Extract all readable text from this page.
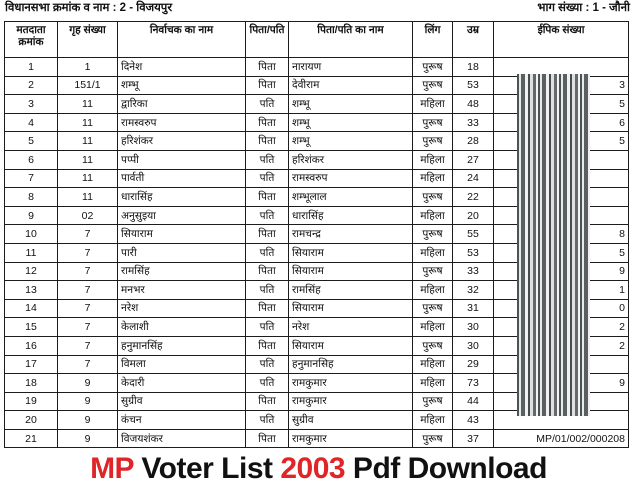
विधानसभा क्रमांक व नाम : 2 - विजयपुर	भाग संख्या : 1 - जौनी
मतदाता क्रमांक	गृह संख्या	निर्वाचक का नाम	पिता/पति	पिता/पति का नाम	लिंग	उम्र	ईपिक संख्या
1	1	दिनेश	पिता	नारायण	पुरूष	18	
2	151/1	शम्भू	पिता	देवीराम	पुरूष	53	3
3	11	द्वारिका	पति	शम्भू	महिला	48	5
4	11	रामस्वरुप	पिता	शम्भू	पुरूष	33	6
5	11	हरिशंकर	पिता	शम्भू	पुरूष	28	5
6	11	पप्पी	पति	हरिशंकर	महिला	27	
7	11	पार्वती	पति	रामस्वरुप	महिला	24	
8	11	धारासिंह	पिता	शम्भूलाल	पुरूष	22	
9	02	अनुसुइया	पति	धारासिंह	महिला	20	
10	7	सियाराम	पिता	रामचन्द्र	पुरूष	55	8
11	7	पारी	पति	सियाराम	महिला	53	5
12	7	रामसिंह	पिता	सियाराम	पुरूष	33	9
13	7	मनभर	पति	रामसिंह	महिला	32	1
14	7	नरेश	पिता	सियाराम	पुरूष	31	0
15	7	केलाशी	पति	नरेश	महिला	30	2
16	7	हनुमानसिंह	पिता	सियाराम	पुरूष	30	2
17	7	विमला	पति	हनुमानसिह	महिला	29	
18	9	केदारी	पति	रामकुमार	महिला	73	9
19	9	सुग्रीव	पिता	रामकुमार	पुरूष	44	
20	9	कंचन	पति	सुग्रीव	महिला	43	
21	9	विजयशंकर	पिता	रामकुमार	पुरूष	37	MP/01/002/000208
MP Voter List 2003 Pdf Download
